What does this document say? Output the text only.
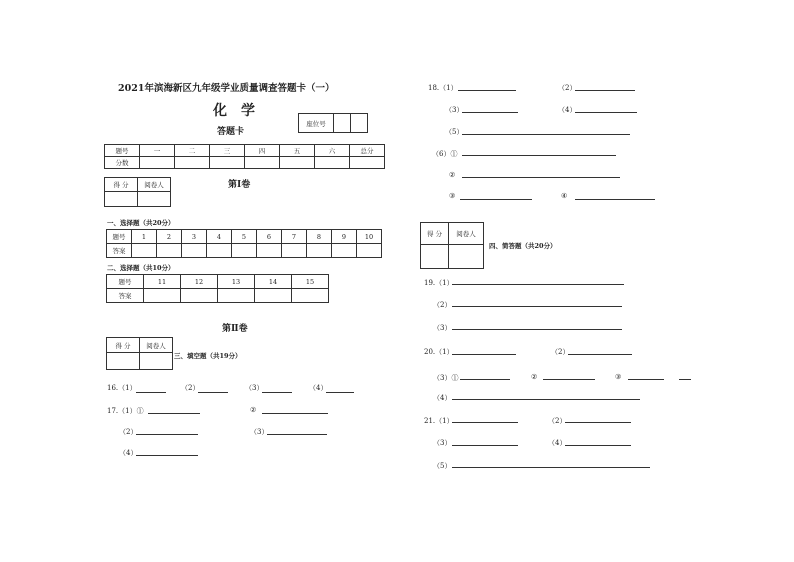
2021年滨海新区九年级学业质量调查答题卡（一）
化学
答题卡
座位号		
题号	一	二	三	四	五	六	总分
分数							
得 分	阅卷人
		第Ⅰ卷
一、选择题（共20分）
题号	1	2	3	4	5	6	7	8	9	10
答案										
二、选择题（共10分）
题号	11	12	13	14	15
答案					
第Ⅱ卷
得 分	阅卷人

三、填空题（共19分）
16.（1）	（2）	（3）	（4）
17.（1）①	②
（2）	（3）
（4）
18.（1）	（2）
（3）	（4）
（5）
（6）①
②
③	④
得 分	阅卷人

四、简答题（共20分）
19.（1）
（2）
（3）
20.（1）	（2）
（3）①	②	③
（4）
21.（1）	（2）
（3）	（4）
（5）
